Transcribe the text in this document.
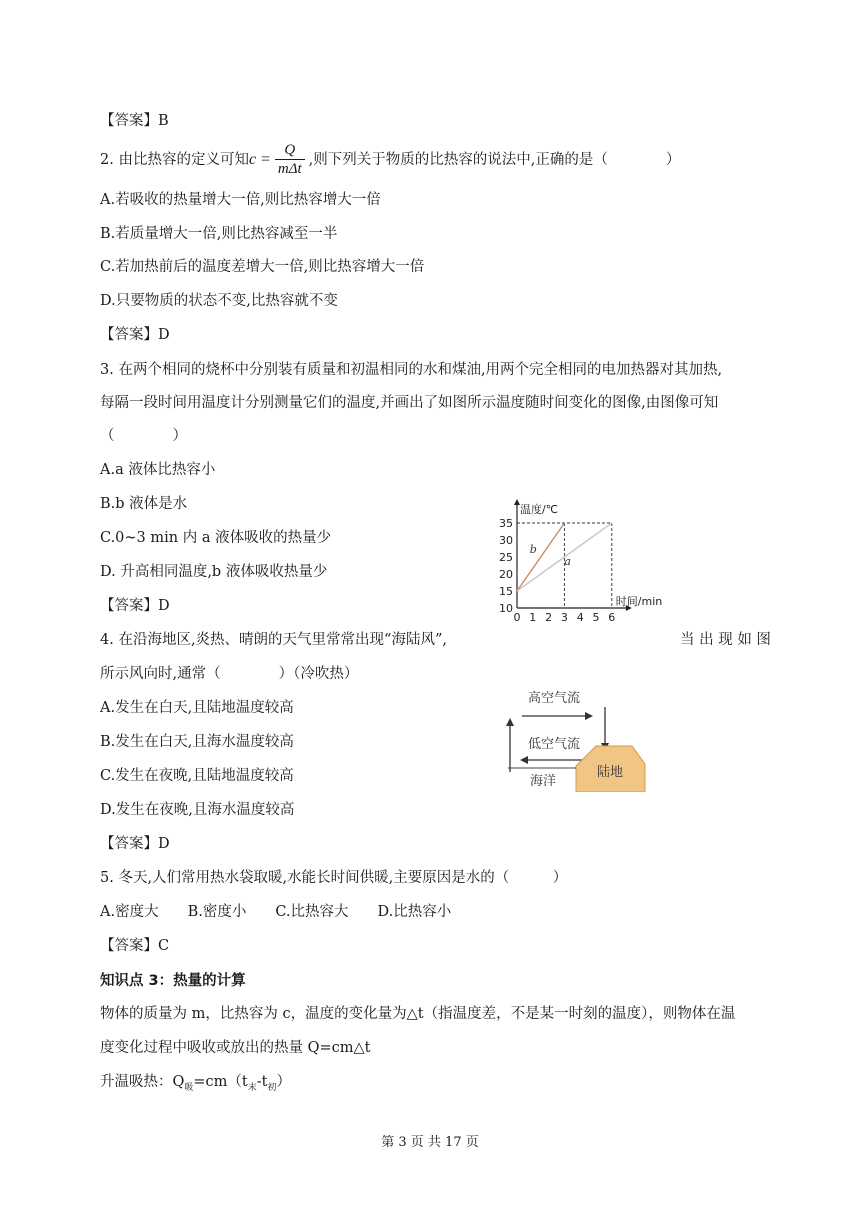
【答案】B
2. 由比热容的定义可知$c = \frac{Q}{\text{mΔt}}$ ,则下列关于物质的比热容的说法中,正确的是（　　　　）
A.若吸收的热量增大一倍,则比热容增大一倍
B.若质量增大一倍,则比热容减至一半
C.若加热前后的温度差增大一倍,则比热容增大一倍
D.只要物质的状态不变,比热容就不变
【答案】D
3. 在两个相同的烧杯中分别装有质量和初温相同的水和煤油,用两个完全相同的电加热器对其加热,
每隔一段时间用温度计分别测量它们的温度,并画出了如图所示温度随时间变化的图像,由图像可知
（　　　　）
A.a 液体比热容小
B.b 液体是水
C.0~3 min 内 a 液体吸收的热量少
D. 升高相同温度,b 液体吸收热量少
【答案】D
b
a
0 1 2 3 4 5 6
10
15
20
25
30
35
温度/℃
时间/min
4. 在沿海地区,炎热、晴朗的天气里常常出现“海陆风”,	当 出 现 如 图
所示风向时,通常（　　　　）（冷吹热）
A.发生在白天,且陆地温度较高
B.发生在白天,且海水温度较高
C.发生在夜晚,且陆地温度较高
D.发生在夜晚,且海水温度较高
【答案】D
高空气流
低空气流
海洋
陆地
5. 冬天,人们常用热水袋取暖,水能长时间供暖,主要原因是水的（　　　）
A.密度大　　B.密度小　　C.比热容大　　D.比热容小
【答案】C
知识点 3：热量的计算
物体的质量为 m，比热容为 c，温度的变化量为△t（指温度差，不是某一时刻的温度），则物体在温
度变化过程中吸收或放出的热量 Q=cm△t
升温吸热：$Q_吸=cm(t_末-t_初)$
第 3 页 共 17 页
